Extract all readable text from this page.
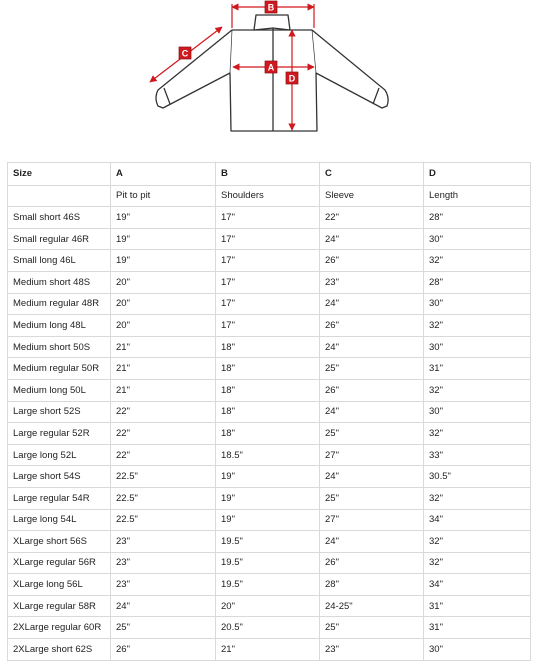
B
C
A
D
Size	A	B	C	D
	Pit to pit	Shoulders	Sleeve	Length
Small short 46S	19"	17"	22"	28"
Small regular 46R	19"	17"	24"	30"
Small long 46L	19"	17"	26"	32"
Medium short 48S	20"	17"	23"	28"
Medium regular 48R	20"	17"	24"	30"
Medium long 48L	20"	17"	26"	32"
Medium short 50S	21"	18"	24"	30"
Medium regular 50R	21"	18"	25"	31"
Medium long 50L	21"	18"	26"	32"
Large short 52S	22"	18"	24"	30"
Large regular 52R	22"	18"	25"	32"
Large long 52L	22"	18.5"	27"	33"
Large short 54S	22.5"	19"	24"	30.5"
Large regular 54R	22.5"	19"	25"	32"
Large long 54L	22.5"	19"	27"	34"
XLarge short 56S	23"	19.5"	24"	32"
XLarge regular 56R	23"	19.5"	26"	32"
XLarge long 56L	23"	19.5"	28"	34"
XLarge regular 58R	24"	20"	24-25"	31"
2XLarge regular 60R	25"	20.5"	25"	31"
2XLarge short 62S	26"	21"	23"	30"
